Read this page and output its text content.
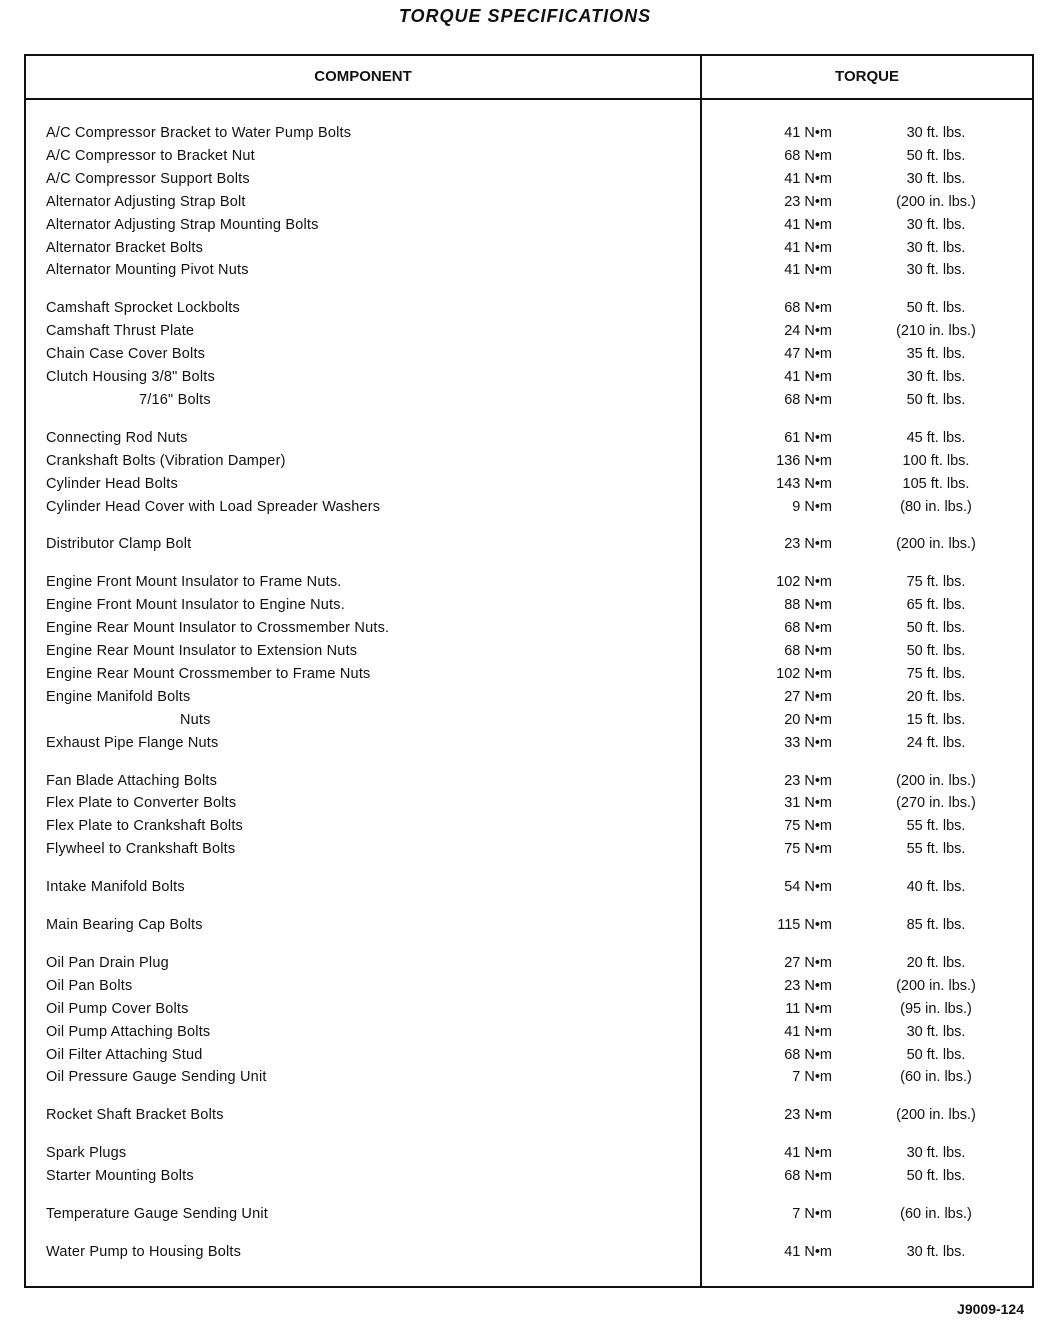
TORQUE SPECIFICATIONS
COMPONENT	TORQUE
A/C Compressor Bracket to Water Pump Bolts	41 N•m	30 ft. lbs.
A/C Compressor to Bracket Nut	68 N•m	50 ft. lbs.
A/C Compressor Support Bolts	41 N•m	30 ft. lbs.
Alternator Adjusting Strap Bolt	23 N•m	(200 in. lbs.)
Alternator Adjusting Strap Mounting Bolts	41 N•m	30 ft. lbs.
Alternator Bracket Bolts	41 N•m	30 ft. lbs.
Alternator Mounting Pivot Nuts	41 N•m	30 ft. lbs.
Camshaft Sprocket Lockbolts	68 N•m	50 ft. lbs.
Camshaft Thrust Plate	24 N•m	(210 in. lbs.)
Chain Case Cover Bolts	47 N•m	35 ft. lbs.
Clutch Housing 3/8" Bolts	41 N•m	30 ft. lbs.
7/16" Bolts	68 N•m	50 ft. lbs.
Connecting Rod Nuts	61 N•m	45 ft. lbs.
Crankshaft Bolts (Vibration Damper)	136 N•m	100 ft. lbs.
Cylinder Head Bolts	143 N•m	105 ft. lbs.
Cylinder Head Cover with Load Spreader Washers	9 N•m	(80 in. lbs.)
Distributor Clamp Bolt	23 N•m	(200 in. lbs.)
Engine Front Mount Insulator to Frame Nuts.	102 N•m	75 ft. lbs.
Engine Front Mount Insulator to Engine Nuts.	88 N•m	65 ft. lbs.
Engine Rear Mount Insulator to Crossmember Nuts.	68 N•m	50 ft. lbs.
Engine Rear Mount Insulator to Extension Nuts	68 N•m	50 ft. lbs.
Engine Rear Mount Crossmember to Frame Nuts	102 N•m	75 ft. lbs.
Engine Manifold Bolts	27 N•m	20 ft. lbs.
Nuts	20 N•m	15 ft. lbs.
Exhaust Pipe Flange Nuts	33 N•m	24 ft. lbs.
Fan Blade Attaching Bolts	23 N•m	(200 in. lbs.)
Flex Plate to Converter Bolts	31 N•m	(270 in. lbs.)
Flex Plate to Crankshaft Bolts	75 N•m	55 ft. lbs.
Flywheel to Crankshaft Bolts	75 N•m	55 ft. lbs.
Intake Manifold Bolts	54 N•m	40 ft. lbs.
Main Bearing Cap Bolts	115 N•m	85 ft. lbs.
Oil Pan Drain Plug	27 N•m	20 ft. lbs.
Oil Pan Bolts	23 N•m	(200 in. lbs.)
Oil Pump Cover Bolts	11 N•m	(95 in. lbs.)
Oil Pump Attaching Bolts	41 N•m	30 ft. lbs.
Oil Filter Attaching Stud	68 N•m	50 ft. lbs.
Oil Pressure Gauge Sending Unit	7 N•m	(60 in. lbs.)
Rocket Shaft Bracket Bolts	23 N•m	(200 in. lbs.)
Spark Plugs	41 N•m	30 ft. lbs.
Starter Mounting Bolts	68 N•m	50 ft. lbs.
Temperature Gauge Sending Unit	7 N•m	(60 in. lbs.)
Water Pump to Housing Bolts	41 N•m	30 ft. lbs.
J9009-124
